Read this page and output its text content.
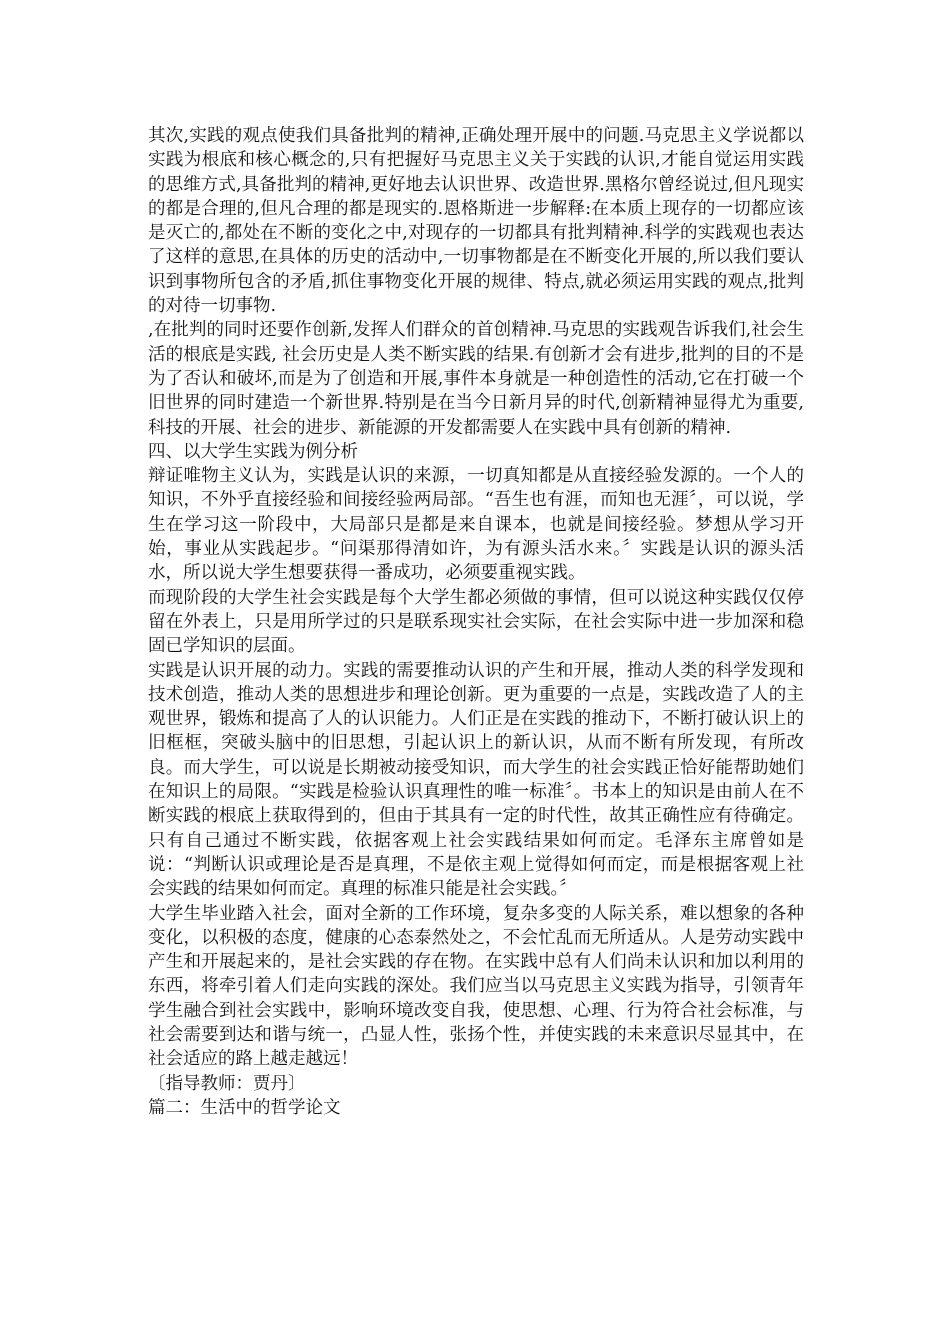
其次,实践的观点使我们具备批判的精神,正确处理开展中的问题.马克思主义学说都以实践为根底和核心概念的,只有把握好马克思主义关于实践的认识,才能自觉运用实践的思维方式,具备批判的精神,更好地去认识世界、改造世界.黑格尔曾经说过,但凡现实的都是合理的,但凡合理的都是现实的.恩格斯进一步解释:在本质上现存的一切都应该是灭亡的,都处在不断的变化之中,对现存的一切都具有批判精神.科学的实践观也表达了这样的意思,在具体的历史的活动中,一切事物都是在不断变化开展的,所以我们要认识到事物所包含的矛盾,抓住事物变化开展的规律、特点,就必须运用实践的观点,批判的对待一切事物.

,在批判的同时还要作创新,发挥人们群众的首创精神.马克思的实践观告诉我们,社会生活的根底是实践, 社会历史是人类不断实践的结果.有创新才会有进步,批判的目的不是为了否认和破坏,而是为了创造和开展,事件本身就是一种创造性的活动,它在打破一个旧世界的同时建造一个新世界.特别是在当今日新月异的时代,创新精神显得尤为重要,科技的开展、社会的进步、新能源的开发都需要人在实践中具有创新的精神.

四、以大学生实践为例分析

辩证唯物主义认为，实践是认识的来源，一切真知都是从直接经验发源的。一个人的知识，不外乎直接经验和间接经验两局部。“吾生也有涯，而知也无涯〞，可以说，学生在学习这一阶段中，大局部只是都是来自课本，也就是间接经验。梦想从学习开始，事业从实践起步。“问渠那得清如许，为有源头活水来。〞实践是认识的源头活水，所以说大学生想要获得一番成功，必须要重视实践。

而现阶段的大学生社会实践是每个大学生都必须做的事情，但可以说这种实践仅仅停留在外表上，只是用所学过的只是联系现实社会实际，在社会实际中进一步加深和稳固已学知识的层面。

实践是认识开展的动力。实践的需要推动认识的产生和开展，推动人类的科学发现和技术创造，推动人类的思想进步和理论创新。更为重要的一点是，实践改造了人的主观世界，锻炼和提高了人的认识能力。人们正是在实践的推动下，不断打破认识上的旧框框，突破头脑中的旧思想，引起认识上的新认识，从而不断有所发现，有所改良。而大学生，可以说是长期被动接受知识，而大学生的社会实践正恰好能帮助她们在知识上的局限。“实践是检验认识真理性的唯一标准〞。书本上的知识是由前人在不断实践的根底上获取得到的，但由于其具有一定的时代性，故其正确性应有待确定。只有自己通过不断实践，依据客观上社会实践结果如何而定。毛泽东主席曾如是说：“判断认识或理论是否是真理，不是依主观上觉得如何而定，而是根据客观上社会实践的结果如何而定。真理的标准只能是社会实践。〞

大学生毕业踏入社会，面对全新的工作环境，复杂多变的人际关系，难以想象的各种变化，以积极的态度，健康的心态泰然处之，不会忙乱而无所适从。人是劳动实践中产生和开展起来的，是社会实践的存在物。在实践中总有人们尚未认识和加以利用的东西，将牵引着人们走向实践的深处。我们应当以马克思主义实践为指导，引领青年学生融合到社会实践中，影响环境改变自我，使思想、心理、行为符合社会标准，与社会需要到达和谐与统一，凸显人性，张扬个性，并使实践的未来意识尽显其中，在社会适应的路上越走越远！

〔指导教师：贾丹〕

篇二：生活中的哲学论文
